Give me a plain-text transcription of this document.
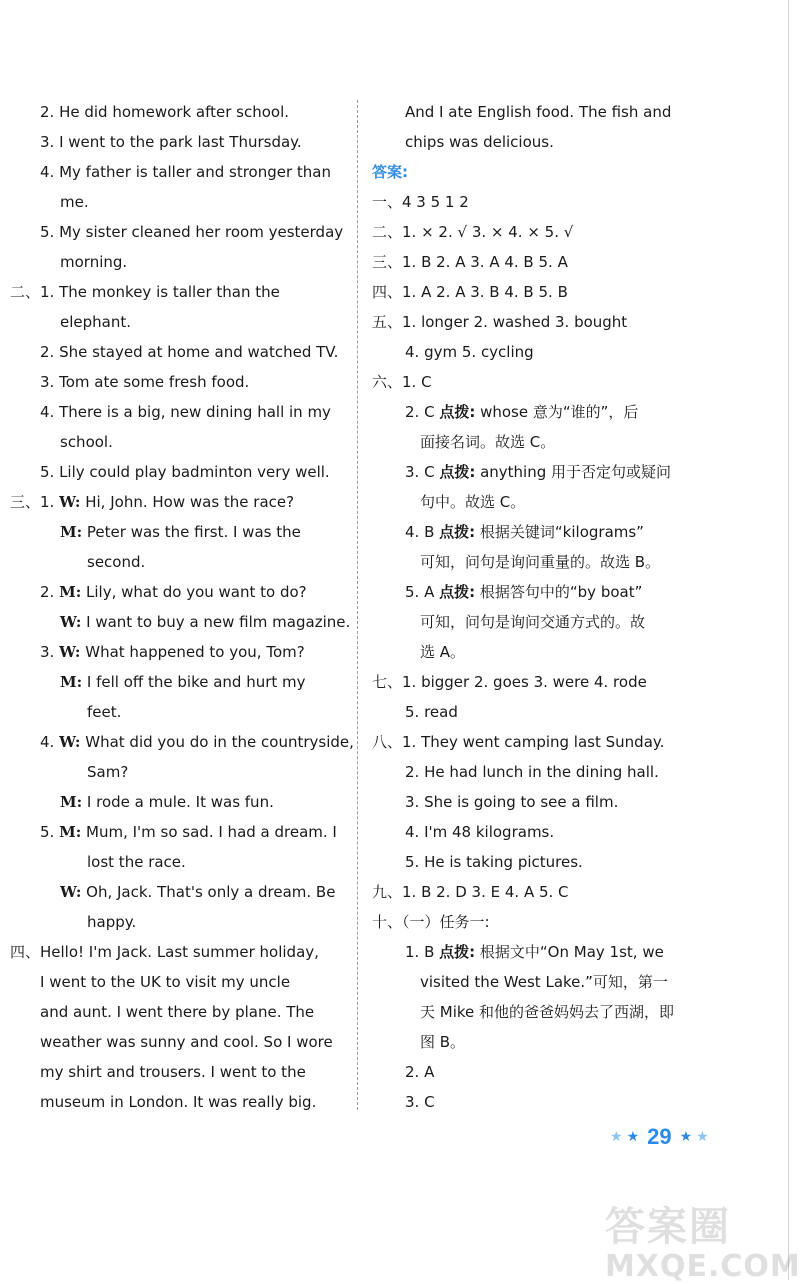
2. He did homework after school.
3. I went to the park last Thursday.
4. My father is taller and stronger than
me.
5. My sister cleaned her room yesterday
morning.
二、1. The monkey is taller than the
elephant.
2. She stayed at home and watched TV.
3. Tom ate some fresh food.
4. There is a big, new dining hall in my
school.
5. Lily could play badminton very well.
三、1. W: Hi, John. How was the race?
M: Peter was the first. I was the
second.
2. M: Lily, what do you want to do?
W: I want to buy a new film magazine.
3. W: What happened to you, Tom?
M: I fell off the bike and hurt my
feet.
4. W: What did you do in the countryside,
Sam?
M: I rode a mule. It was fun.
5. M: Mum, I'm so sad. I had a dream. I
lost the race.
W: Oh, Jack. That's only a dream. Be
happy.
四、Hello! I'm Jack. Last summer holiday,
I went to the UK to visit my uncle
and aunt. I went there by plane. The
weather was sunny and cool. So I wore
my shirt and trousers. I went to the
museum in London. It was really big.
And I ate English food. The fish and
chips was delicious.
答案:
一、4 3 5 1 2
二、1. × 2. √ 3. × 4. × 5. √
三、1. B 2. A 3. A 4. B 5. A
四、1. A 2. A 3. B 4. B 5. B
五、1. longer 2. washed 3. bought
4. gym 5. cycling
六、1. C
2. C 点拨: whose 意为“谁的”，后
面接名词。故选 C。
3. C 点拨: anything 用于否定句或疑问
句中。故选 C。
4. B 点拨: 根据关键词“kilograms”
可知，问句是询问重量的。故选 B。
5. A 点拨: 根据答句中的“by boat”
可知，问句是询问交通方式的。故
选 A。
七、1. bigger 2. goes 3. were 4. rode
5. read
八、1. They went camping last Sunday.
2. He had lunch in the dining hall.
3. She is going to see a film.
4. I'm 48 kilograms.
5. He is taking pictures.
九、1. B 2. D 3. E 4. A 5. C
十、（一）任务一:
1. B 点拨: 根据文中“On May 1st, we
visited the West Lake.”可知，第一
天 Mike 和他的爸爸妈妈去了西湖，即
图 B。
2. A
3. C
★ ★ 29 ★ ★
答案圈
MXQE.COM
